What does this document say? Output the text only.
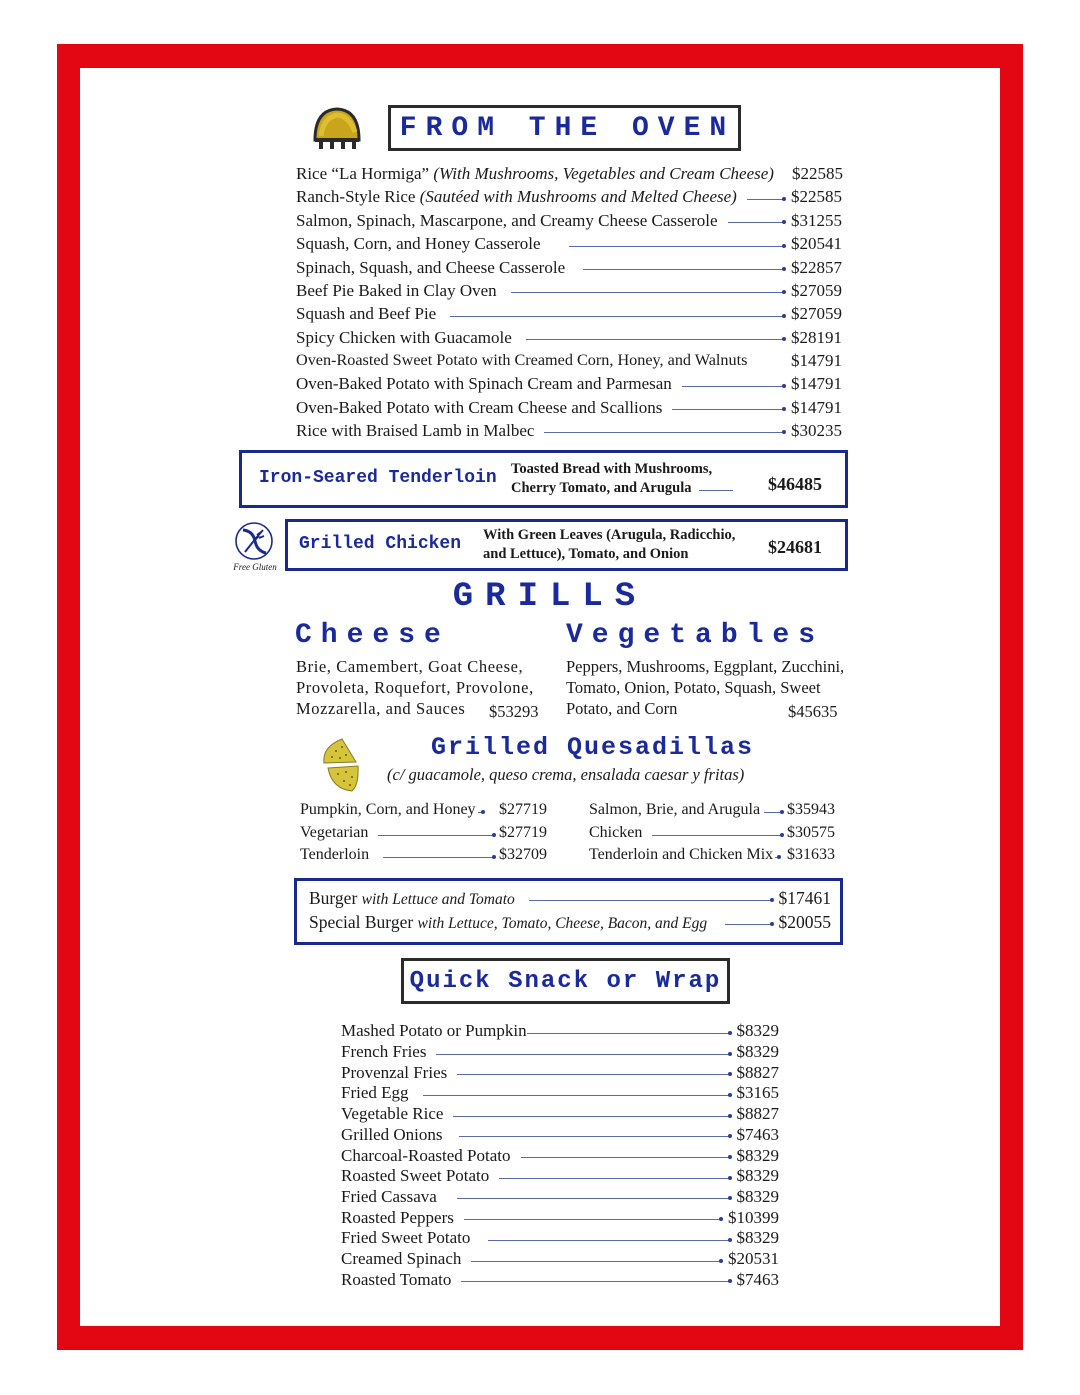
FROM THE OVEN
Rice “La Hormiga” (With Mushrooms, Vegetables and Cream Cheese) $22585
Ranch-Style Rice (Sautéed with Mushrooms and Melted Cheese)	$22585
Salmon, Spinach, Mascarpone, and Creamy Cheese Casserole	$31255
Squash, Corn, and Honey Casserole	$20541
Spinach, Squash, and Cheese Casserole	$22857
Beef Pie Baked in Clay Oven	$27059
Squash and Beef Pie	$27059
Spicy Chicken with Guacamole	$28191
Oven-Roasted Sweet Potato with Creamed Corn, Honey, and Walnuts	$14791
Oven-Baked Potato with Spinach Cream and Parmesan	$14791
Oven-Baked Potato with Cream Cheese and Scallions	$14791
Rice with Braised Lamb in Malbec	$30235
Iron-Seared Tenderloin Toasted Bread with Mushrooms,
Cherry Tomato, and Arugula	$46485
Free Gluten
Grilled Chicken With Green Leaves (Arugula, Radicchio,
and Lettuce), Tomato, and Onion	$24681
GRILLS
Cheese	Vegetables
Brie, Camembert, Goat Cheese,
Provoleta, Roquefort, Provolone,
Mozzarella, and Sauces	$53293
Peppers, Mushrooms, Eggplant, Zucchini,
Tomato, Onion, Potato, Squash, Sweet
Potato, and Corn	$45635
Grilled Quesadillas
(c/ guacamole, queso crema, ensalada caesar y fritas)
Pumpkin, Corn, and Honey $27719
Vegetarian	$27719
Tenderloin	$32709
Salmon, Brie, and Arugula $35943
Chicken	$30575
Tenderloin and Chicken Mix $31633
Burger with Lettuce and Tomato	$17461
Special Burger with Lettuce, Tomato, Cheese, Bacon, and Egg	$20055
Quick Snack or Wrap
Mashed Potato or Pumpkin	$8329
French Fries	$8329
Provenzal Fries	$8827
Fried Egg	$3165
Vegetable Rice	$8827
Grilled Onions	$7463
Charcoal-Roasted Potato	$8329
Roasted Sweet Potato	$8329
Fried Cassava	$8329
Roasted Peppers	$10399
Fried Sweet Potato	$8329
Creamed Spinach	$20531
Roasted Tomato	$7463
